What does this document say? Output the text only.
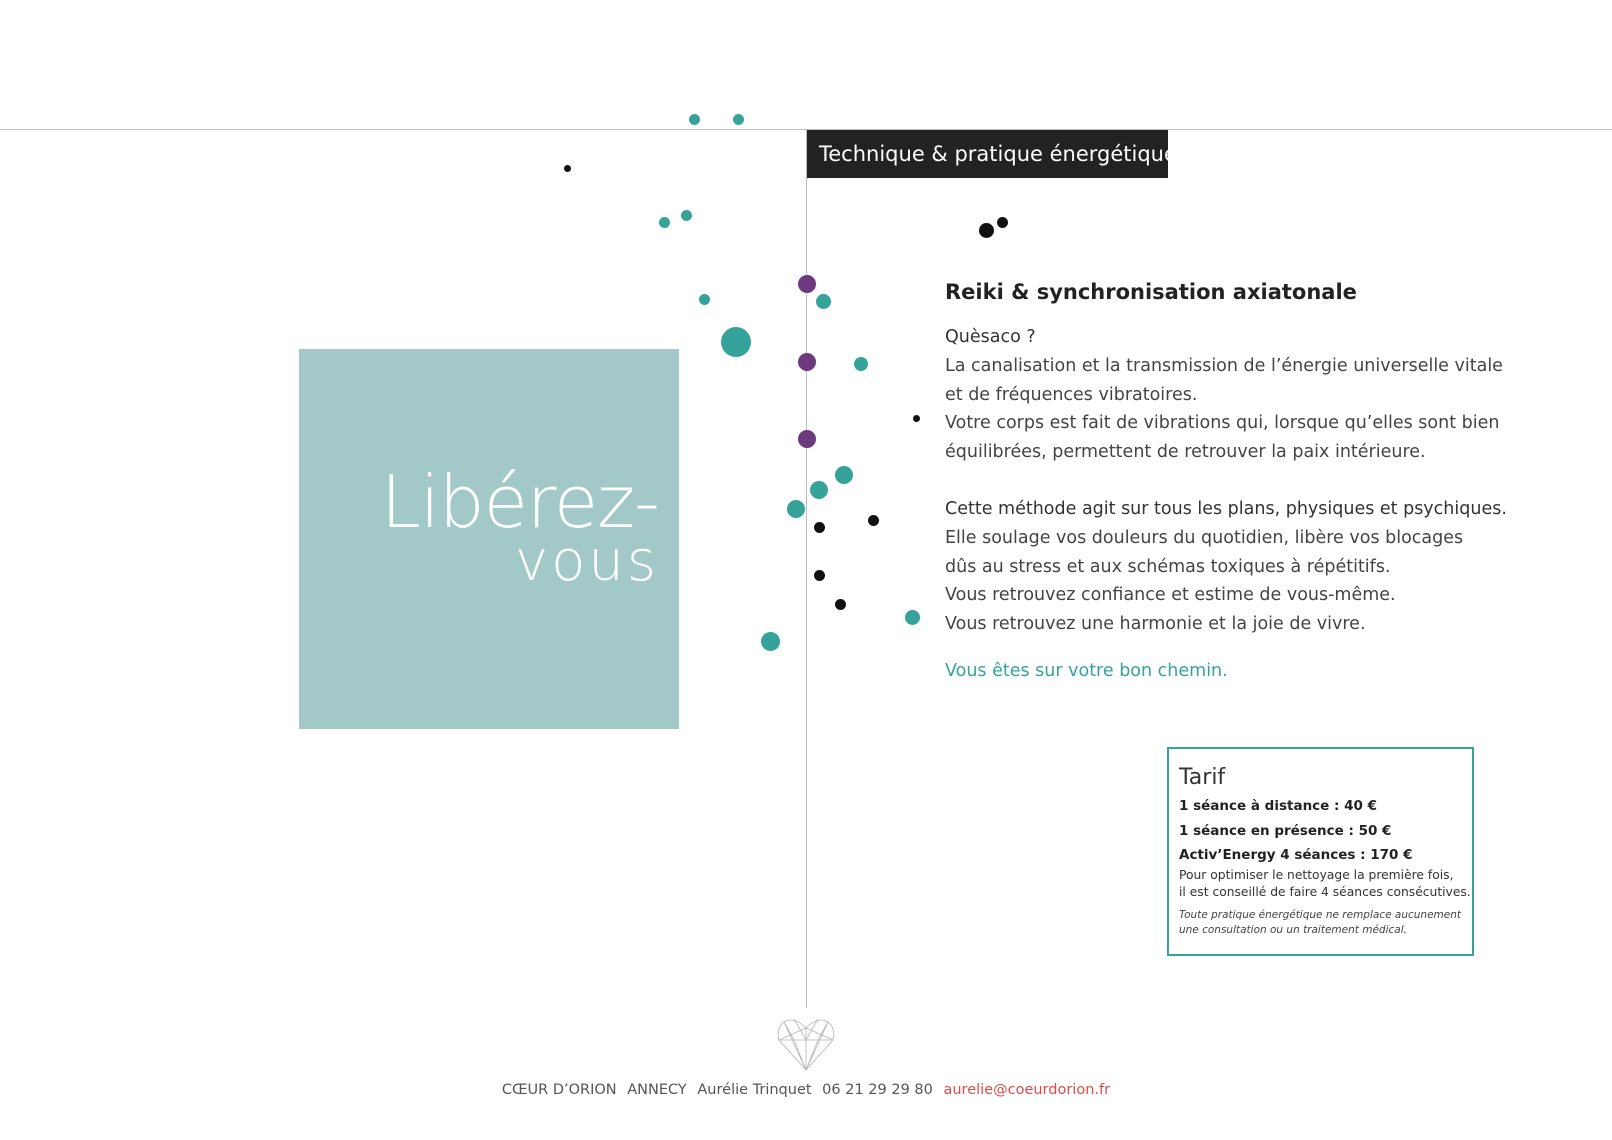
Technique & pratique énergétique
Libérez-
vous
Reiki & synchronisation axiatonale

Quèsaco ?

La canalisation et la transmission de l’énergie universelle vitale

et de fréquences vibratoires.

Votre corps est fait de vibrations qui, lorsque qu’elles sont bien

équilibrées, permettent de retrouver la paix intérieure.

Cette méthode agit sur tous les plans, physiques et psychiques.

Elle soulage vos douleurs du quotidien, libère vos blocages

dûs au stress et aux schémas toxiques à répétitifs.

Vous retrouvez confiance et estime de vous-même.

Vous retrouvez une harmonie et la joie de vivre.

Vous êtes sur votre bon chemin.

Tarif
1 séance à distance : 40 €
1 séance en présence : 50 €
Activ’Energy 4 séances : 170 €
Pour optimiser le nettoyage la première fois,
il est conseillé de faire 4 séances consécutives.
Toute pratique énergétique ne remplace aucunement
une consultation ou un traitement médical.
CŒUR D’ORION ANNECY Aurélie Trinquet 06 21 29 29 80 aurelie@coeurdorion.fr
